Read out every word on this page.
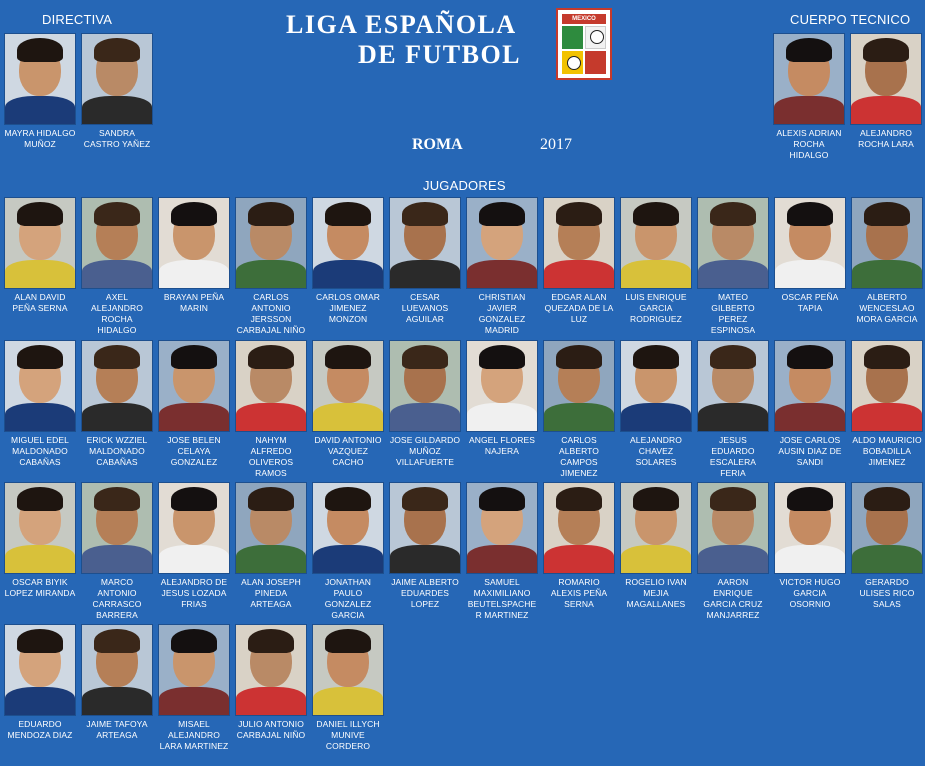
DIRECTIVA	CUERPO TECNICO
LIGA ESPAÑOLA
DE FUTBOL
MEXICO
ROMA	2017
JUGADORES
MAYRA HIDALGO MUÑOZ
SANDRA CASTRO YAÑEZ
ALEXIS ADRIAN ROCHA HIDALGO
ALEJANDRO ROCHA LARA
ALAN DAVID PEÑA SERNA
AXEL ALEJANDRO ROCHA HIDALGO
BRAYAN PEÑA MARIN
CARLOS ANTONIO JERSSON CARBAJAL NIÑO
CARLOS OMAR JIMENEZ MONZON
CESAR LUEVANOS AGUILAR
CHRISTIAN JAVIER GONZALEZ MADRID
EDGAR ALAN QUEZADA DE LA LUZ
LUIS ENRIQUE GARCIA RODRIGUEZ
MATEO GILBERTO PEREZ ESPINOSA
OSCAR PEÑA TAPIA
ALBERTO WENCESLAO MORA GARCIA
MIGUEL EDEL MALDONADO CABAÑAS
ERICK WZZIEL MALDONADO CABAÑAS
JOSE BELEN CELAYA GONZALEZ
NAHYM ALFREDO OLIVEROS RAMOS
DAVID ANTONIO VAZQUEZ CACHO
JOSE GILDARDO MUÑOZ VILLAFUERTE
ANGEL FLORES NAJERA
CARLOS ALBERTO CAMPOS JIMENEZ
ALEJANDRO CHAVEZ SOLARES
JESUS EDUARDO ESCALERA FERIA
JOSE CARLOS AUSIN DIAZ DE SANDI
ALDO MAURICIO BOBADILLA JIMENEZ
OSCAR BIYIK LOPEZ MIRANDA
MARCO ANTONIO CARRASCO BARRERA
ALEJANDRO DE JESUS LOZADA FRIAS
ALAN JOSEPH PINEDA ARTEAGA
JONATHAN PAULO GONZALEZ GARCIA
JAIME ALBERTO EDUARDES LOPEZ
SAMUEL MAXIMILIANO BEUTELSPACHE R MARTINEZ
ROMARIO ALEXIS PEÑA SERNA
ROGELIO IVAN MEJIA MAGALLANES
AARON ENRIQUE GARCIA CRUZ MANJARREZ
VICTOR HUGO GARCIA OSORNIO
GERARDO ULISES RICO SALAS
EDUARDO MENDOZA DIAZ
JAIME TAFOYA ARTEAGA
MISAEL ALEJANDRO LARA MARTINEZ
JULIO ANTONIO CARBAJAL NIÑO
DANIEL ILLYCH MUNIVE CORDERO
